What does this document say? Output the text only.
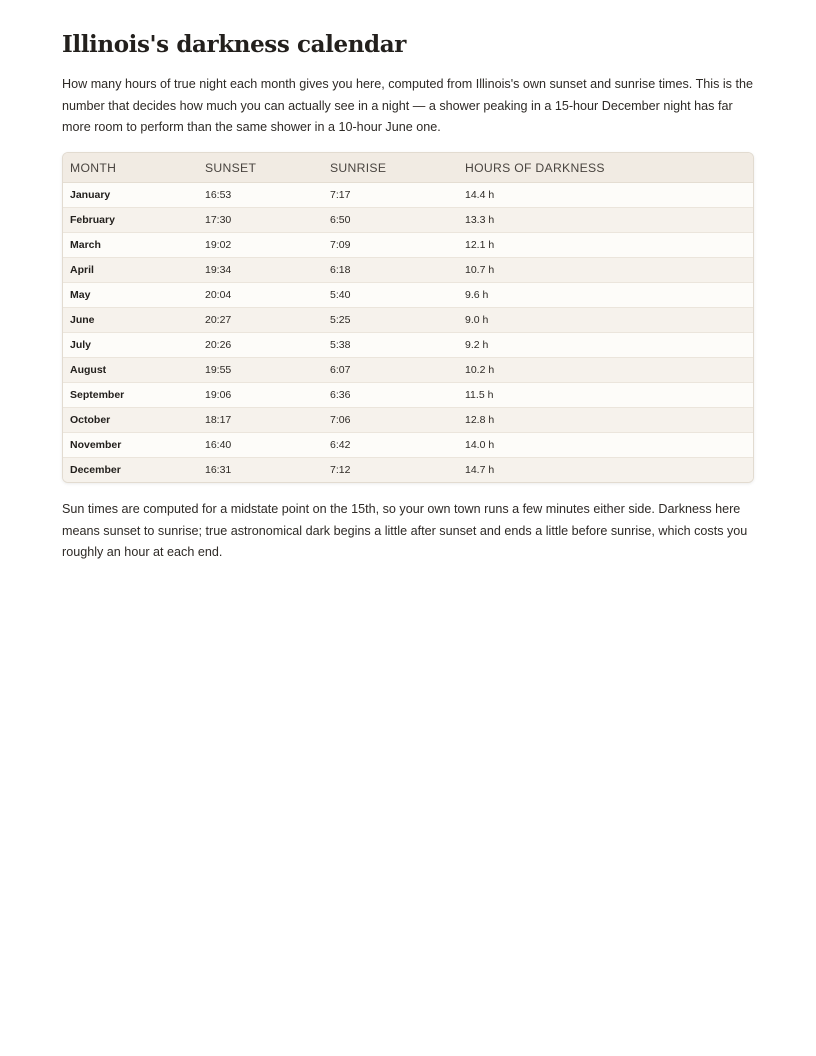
Illinois's darkness calendar

How many hours of true night each month gives you here, computed from Illinois's own sunset and sunrise times. This is the number that decides how much you can actually see in a night — a shower peaking in a 15-hour December night has far more room to perform than the same shower in a 10-hour June one.

MONTH	SUNSET	SUNRISE	HOURS OF DARKNESS
January	16:53	7:17	14.4 h
February	17:30	6:50	13.3 h
March	19:02	7:09	12.1 h
April	19:34	6:18	10.7 h
May	20:04	5:40	9.6 h
June	20:27	5:25	9.0 h
July	20:26	5:38	9.2 h
August	19:55	6:07	10.2 h
September	19:06	6:36	11.5 h
October	18:17	7:06	12.8 h
November	16:40	6:42	14.0 h
December	16:31	7:12	14.7 h

Sun times are computed for a midstate point on the 15th, so your own town runs a few minutes either side. Darkness here means sunset to sunrise; true astronomical dark begins a little after sunset and ends a little before sunrise, which costs you roughly an hour at each end.
